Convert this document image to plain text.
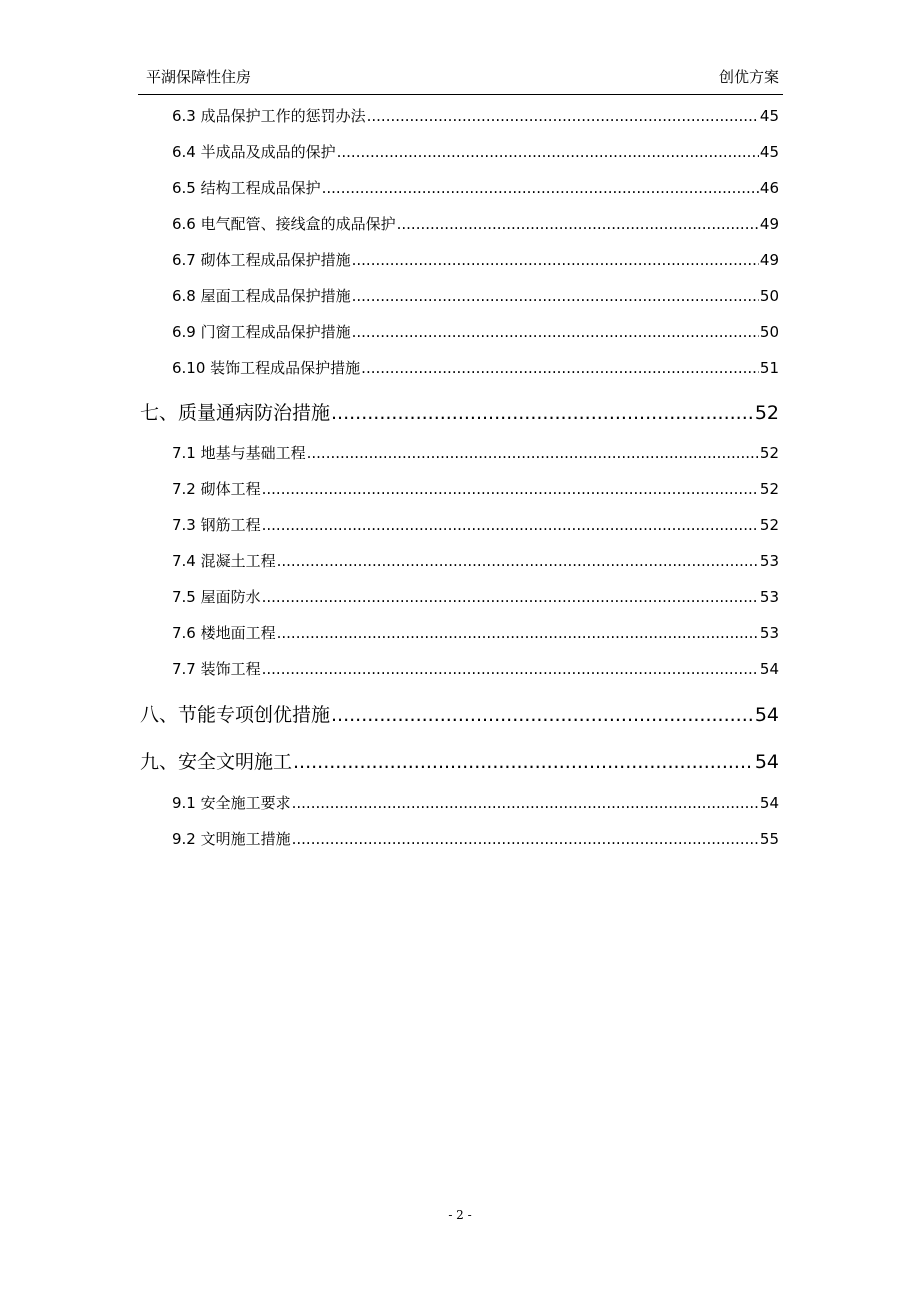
平湖保障性住房	创优方案
6.3 成品保护工作的惩罚办法 .....	45
6.4 半成品及成品的保护 .....	45
6.5 结构工程成品保护 .....	46
6.6 电气配管、接线盒的成品保护 .....	49
6.7 砌体工程成品保护措施 .....	49
6.8 屋面工程成品保护措施 .....	50
6.9 门窗工程成品保护措施 .....	50
6.10 装饰工程成品保护措施 .....	51
七、质量通病防治措施 .....	52
7.1 地基与基础工程 .....	52
7.2 砌体工程 .....	52
7.3 钢筋工程 .....	52
7.4 混凝土工程 .....	53
7.5 屋面防水 .....	53
7.6 楼地面工程 .....	53
7.7 装饰工程 .....	54
八、节能专项创优措施 .....	54
九、安全文明施工 .....	54
9.1 安全施工要求 .....	54
9.2 文明施工措施 .....	55
- 2 -
